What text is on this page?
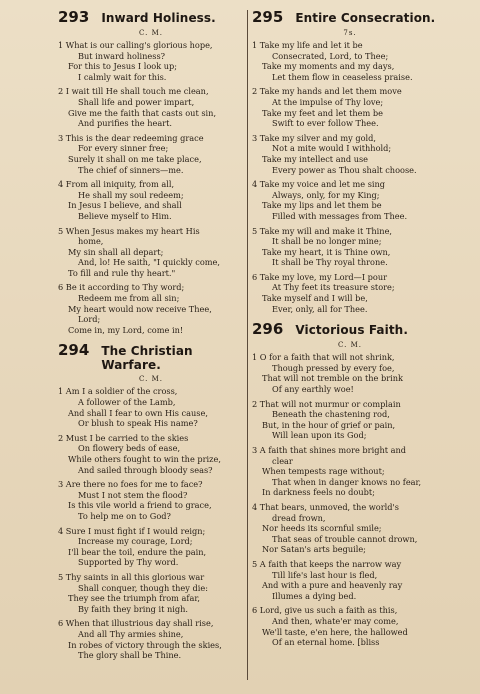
293 Inward Holiness.
C. M.
1 What is our calling's glorious hope,
But inward holiness?
For this to Jesus I look up;
I calmly wait for this.
2 I wait till He shall touch me clean,
Shall life and power impart,
Give me the faith that casts out sin,
And purifies the heart.
3 This is the dear redeeming grace
For every sinner free;
Surely it shall on me take place,
The chief of sinners—me.
4 From all iniquity, from all,
He shall my soul redeem;
In Jesus I believe, and shall
Believe myself to Him.
5 When Jesus makes my heart His
home,
My sin shall all depart;
And, lo! He saith, "I quickly come,
To fill and rule thy heart."
6 Be it according to Thy word;
Redeem me from all sin;
My heart would now receive Thee,
Lord;
Come in, my Lord, come in!
294 The Christian Warfare.
C. M.
1 Am I a soldier of the cross,
A follower of the Lamb,
And shall I fear to own His cause,
Or blush to speak His name?
2 Must I be carried to the skies
On flowery beds of ease,
While others fought to win the prize,
And sailed through bloody seas?
3 Are there no foes for me to face?
Must I not stem the flood?
Is this vile world a friend to grace,
To help me on to God?
4 Sure I must fight if I would reign;
Increase my courage, Lord;
I'll bear the toil, endure the pain,
Supported by Thy word.
5 Thy saints in all this glorious war
Shall conquer, though they die:
They see the triumph from afar,
By faith they bring it nigh.
6 When that illustrious day shall rise,
And all Thy armies shine,
In robes of victory through the skies,
The glory shall be Thine.
295 Entire Consecration.
7s.
1 Take my life and let it be
Consecrated, Lord, to Thee;
Take my moments and my days,
Let them flow in ceaseless praise.
2 Take my hands and let them move
At the impulse of Thy love;
Take my feet and let them be
Swift to ever follow Thee.
3 Take my silver and my gold,
Not a mite would I withhold;
Take my intellect and use
Every power as Thou shalt choose.
4 Take my voice and let me sing
Always, only, for my King;
Take my lips and let them be
Filled with messages from Thee.
5 Take my will and make it Thine,
It shall be no longer mine;
Take my heart, it is Thine own,
It shall be Thy royal throne.
6 Take my love, my Lord—I pour
At Thy feet its treasure store;
Take myself and I will be,
Ever, only, all for Thee.
296 Victorious Faith.
C. M.
1 O for a faith that will not shrink,
Though pressed by every foe,
That will not tremble on the brink
Of any earthly woe!
2 That will not murmur or complain
Beneath the chastening rod,
But, in the hour of grief or pain,
Will lean upon its God;
3 A faith that shines more bright and
clear
When tempests rage without;
That when in danger knows no fear,
In darkness feels no doubt;
4 That bears, unmoved, the world's
dread frown,
Nor heeds its scornful smile;
That seas of trouble cannot drown,
Nor Satan's arts beguile;
5 A faith that keeps the narrow way
Till life's last hour is fled,
And with a pure and heavenly ray
Illumes a dying bed.
6 Lord, give us such a faith as this,
And then, whate'er may come,
We'll taste, e'en here, the hallowed
Of an eternal home. [bliss
